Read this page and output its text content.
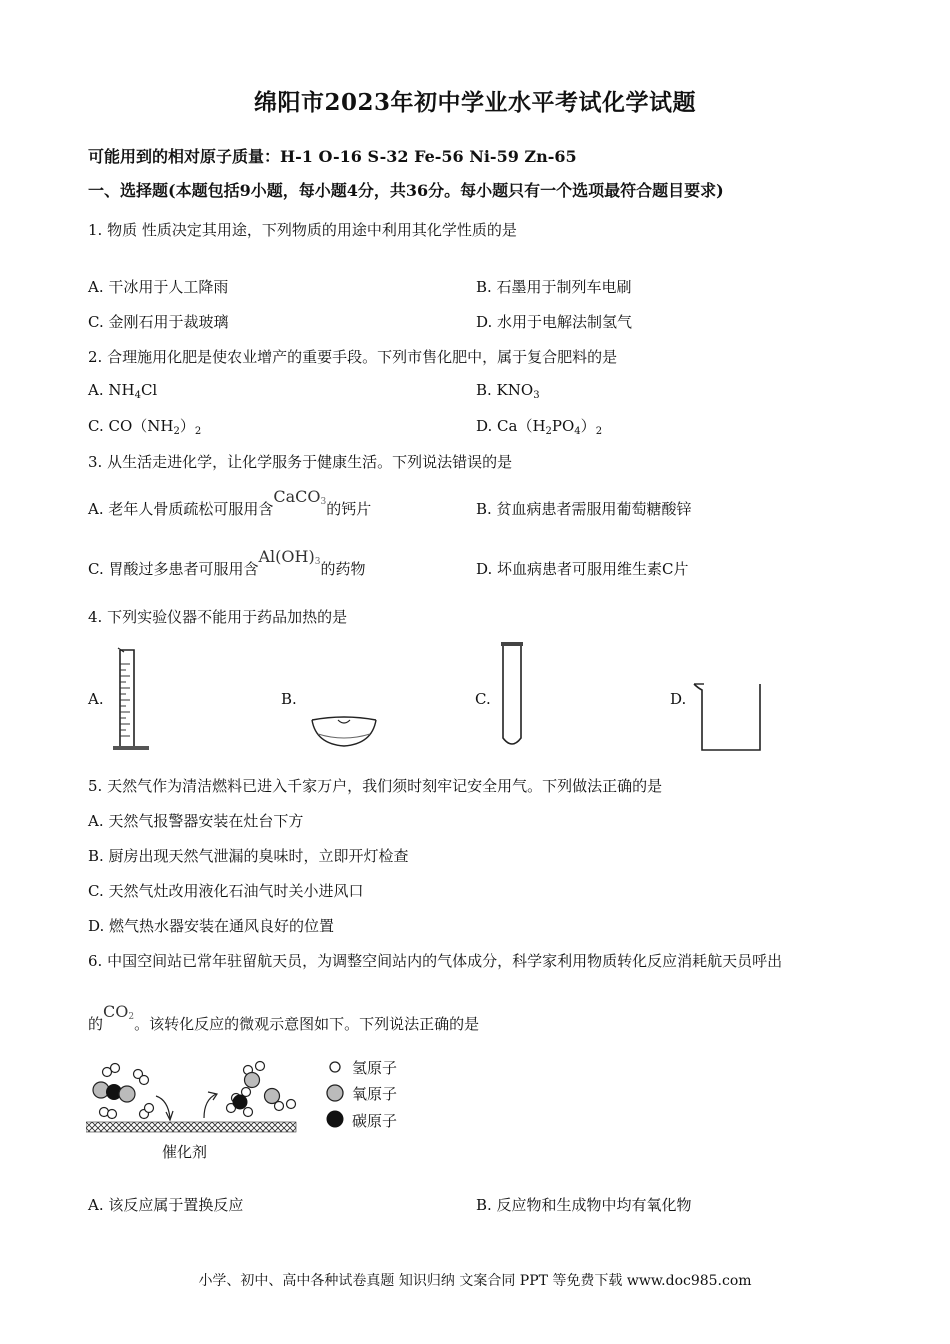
绵阳市2023年初中学业水平考试化学试题
可能用到的相对原子质量：H-1 O-16 S-32 Fe-56 Ni-59 Zn-65
一、选择题(本题包括9小题，每小题4分，共36分。每小题只有一个选项最符合题目要求)
1. 物质 性质决定其用途，下列物质的用途中利用其化学性质的是
A. 干冰用于人工降雨	B. 石墨用于制列车电刷
C. 金刚石用于裁玻璃	D. 水用于电解法制氢气
2. 合理施用化肥是使农业增产的重要手段。下列市售化肥中，属于复合肥料的是
A. $NH_4Cl$	B. $KNO_3$
C. $CO(NH_2)_2$	D. $Ca(H_2PO_4)_2$
3. 从生活走进化学，让化学服务于健康生活。下列说法错误的是
A. 老年人骨质疏松可服用含CaCO$_3$的钙片	B. 贫血病患者需服用葡萄糖酸锌
C. 胃酸过多患者可服用含$Al(OH)_3$的药物	D. 坏血病患者可服用维生素C片
4. 下列实验仪器不能用于药品加热的是
A.	B.	C.	D.
5. 天然气作为清洁燃料已进入千家万户，我们须时刻牢记安全用气。下列做法正确的是
A. 天然气报警器安装在灶台下方
B. 厨房出现天然气泄漏的臭味时，立即开灯检查
C. 天然气灶改用液化石油气时关小进风口
D. 燃气热水器安装在通风良好的位置
6. 中国空间站已常年驻留航天员，为调整空间站内的气体成分，科学家利用物质转化反应消耗航天员呼出
的$CO_2$。该转化反应的微观示意图如下。下列说法正确的是
催化剂
氢原子
氧原子
碳原子
A. 该反应属于置换反应	B. 反应物和生成物中均有氧化物
小学、初中、高中各种试卷真题 知识归纳 文案合同 PPT 等免费下载 www.doc985.com
